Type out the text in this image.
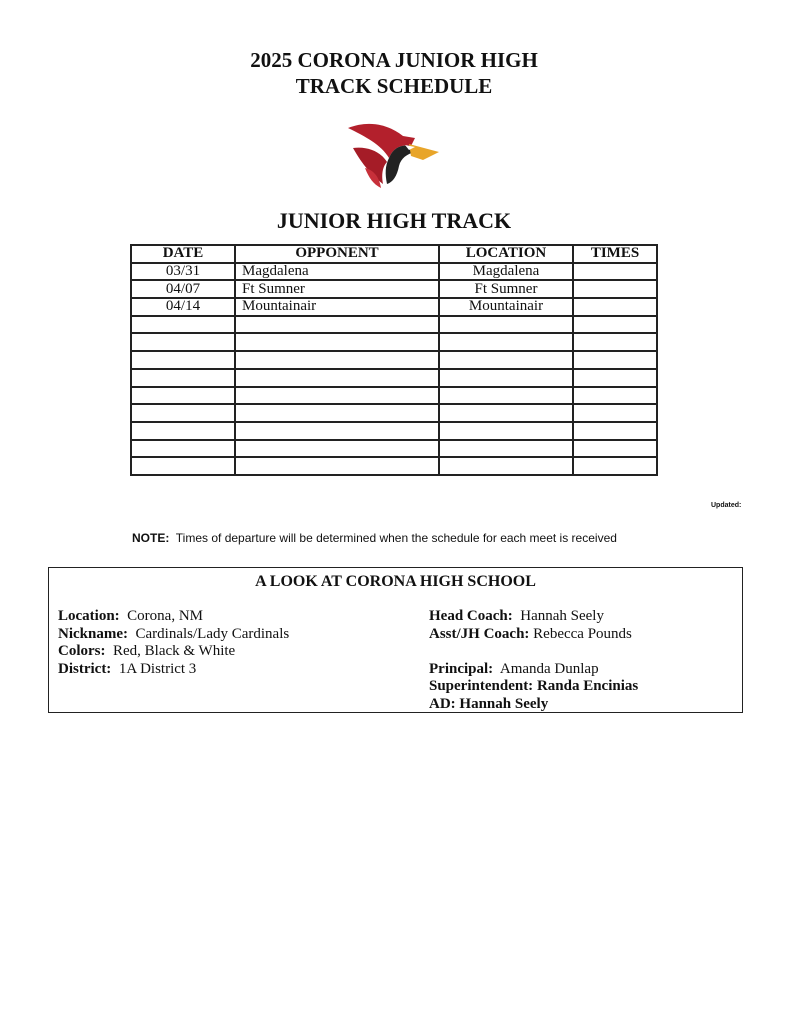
2025 CORONA JUNIOR HIGH
TRACK SCHEDULE
JUNIOR HIGH TRACK
DATE	OPPONENT	LOCATION	TIMES
03/31	Magdalena	Magdalena	
04/07	Ft Sumner	Ft Sumner	
04/14	Mountainair	Mountainair	

Updated:
NOTE: Times of departure will be determined when the schedule for each meet is received
A LOOK AT CORONA HIGH SCHOOL
Location: Corona, NM
Nickname: Cardinals/Lady Cardinals
Colors: Red, Black & White
District: 1A District 3
Head Coach: Hannah Seely
Asst/JH Coach: Rebecca Pounds
Principal: Amanda Dunlap
Superintendent: Randa Encinias
AD: Hannah Seely
